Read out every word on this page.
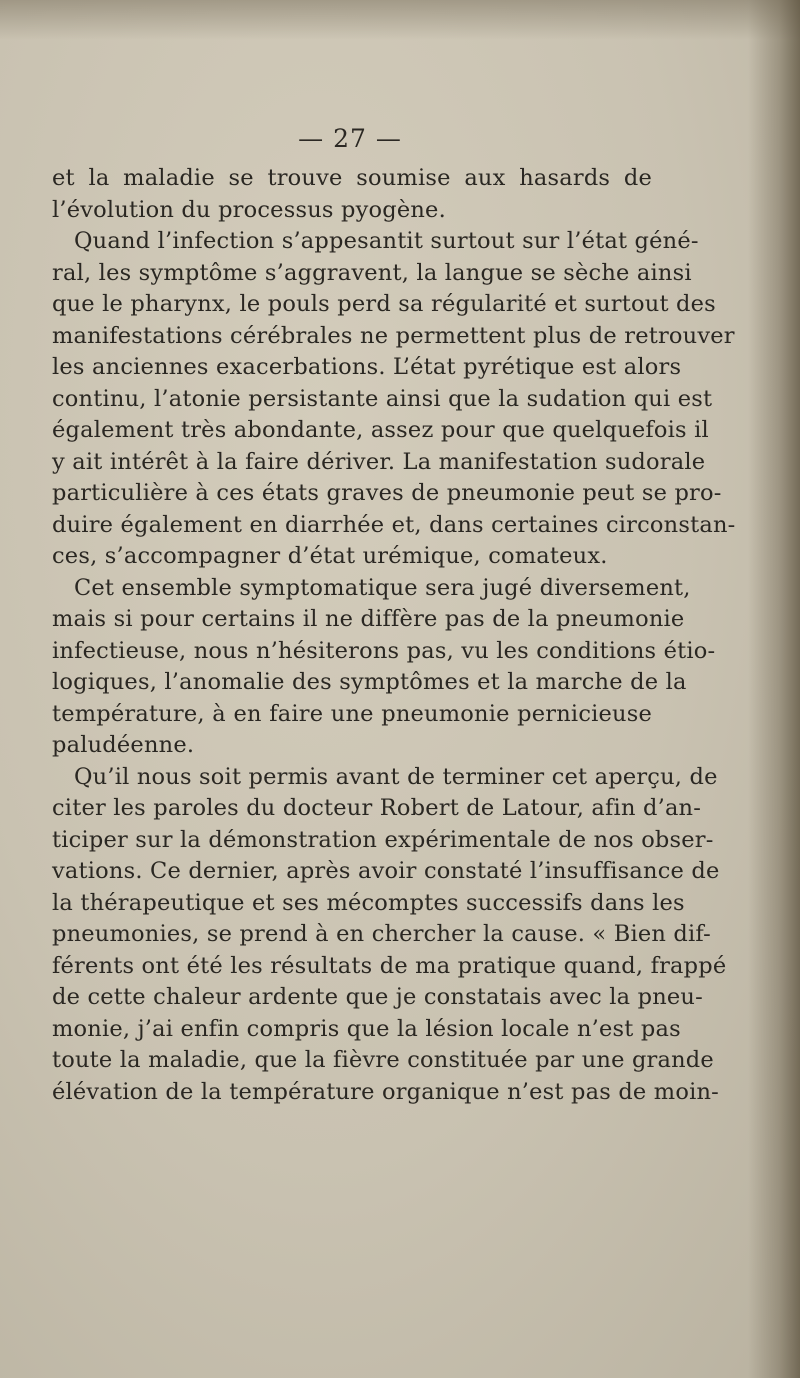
— 27 —
et la maladie se trouve soumise aux hasards de
l’évolution du processus pyogène.
Quand l’infection s’appesantit surtout sur l’état géné-
ral, les symptôme s’aggravent, la langue se sèche ainsi
que le pharynx, le pouls perd sa régularité et surtout des
manifestations cérébrales ne permettent plus de retrouver
les anciennes exacerbations. L’état pyrétique est alors
continu, l’atonie persistante ainsi que la sudation qui est
également très abondante, assez pour que quelquefois il
y ait intérêt à la faire dériver. La manifestation sudorale
particulière à ces états graves de pneumonie peut se pro-
duire également en diarrhée et, dans certaines circonstan-
ces, s’accompagner d’état urémique, comateux.
Cet ensemble symptomatique sera jugé diversement,
mais si pour certains il ne diffère pas de la pneumonie
infectieuse, nous n’hésiterons pas, vu les conditions étio-
logiques, l’anomalie des symptômes et la marche de la
température, à en faire une pneumonie pernicieuse
paludéenne.
Qu’il nous soit permis avant de terminer cet aperçu, de
citer les paroles du docteur Robert de Latour, afin d’an-
ticiper sur la démonstration expérimentale de nos obser-
vations. Ce dernier, après avoir constaté l’insuffisance de
la thérapeutique et ses mécomptes successifs dans les
pneumonies, se prend à en chercher la cause. « Bien dif-
férents ont été les résultats de ma pratique quand, frappé
de cette chaleur ardente que je constatais avec la pneu-
monie, j’ai enfin compris que la lésion locale n’est pas
toute la maladie, que la fièvre constituée par une grande
élévation de la température organique n’est pas de moin-
